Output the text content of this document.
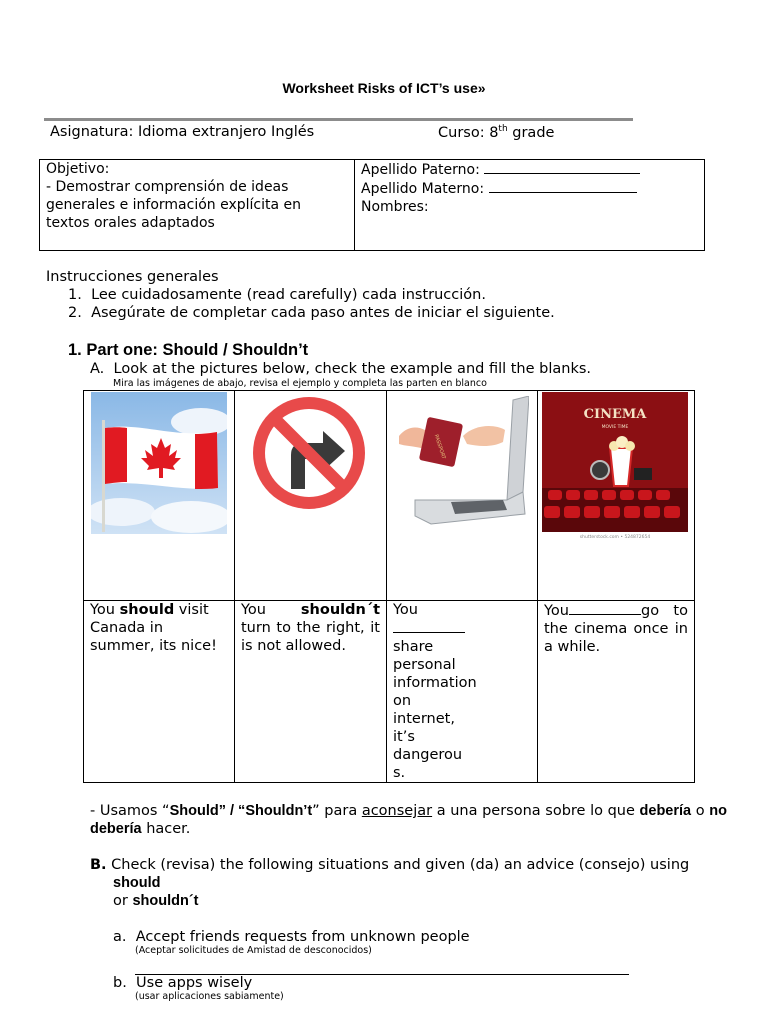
Worksheet Risks of ICT’s use»
Asignatura: Idioma extranjero Inglés	Curso: 8th grade
Objetivo:
- Demostrar comprensión de ideas generales e información explícita en textos orales adaptados

Apellido Paterno:
Apellido Materno:
Nombres:
Instrucciones generales
1.  Lee cuidadosamente (read carefully) cada instrucción.
2.  Asegúrate de completar cada paso antes de iniciar el siguiente.
1. Part one: Should / Shouldn’t
A. Look at the pictures below, check the example and fill the blanks.
Mira las imágenes de abajo, revisa el ejemplo y completa las parten en blanco

PASSPORT	CINEMA
MOVIE TIME
shutterstock.com • 524872654

You should visit Canada in summer, its nice!	You shouldn´t turn to the right, it is not allowed.	You share personal information on internet, it’s dangerou s.	You go to the cinema once in a while.
- Usamos “Should” / “Shouldn’t” para aconsejar a una persona sobre lo que debería o no debería hacer.
B. Check (revisa) the following situations and given (da) an advice (consejo) using
should
or shouldn´t
a. Accept friends requests from unknown people
(Aceptar solicitudes de Amistad de desconocidos)
b. Use apps wisely
(usar aplicaciones sabiamente)
